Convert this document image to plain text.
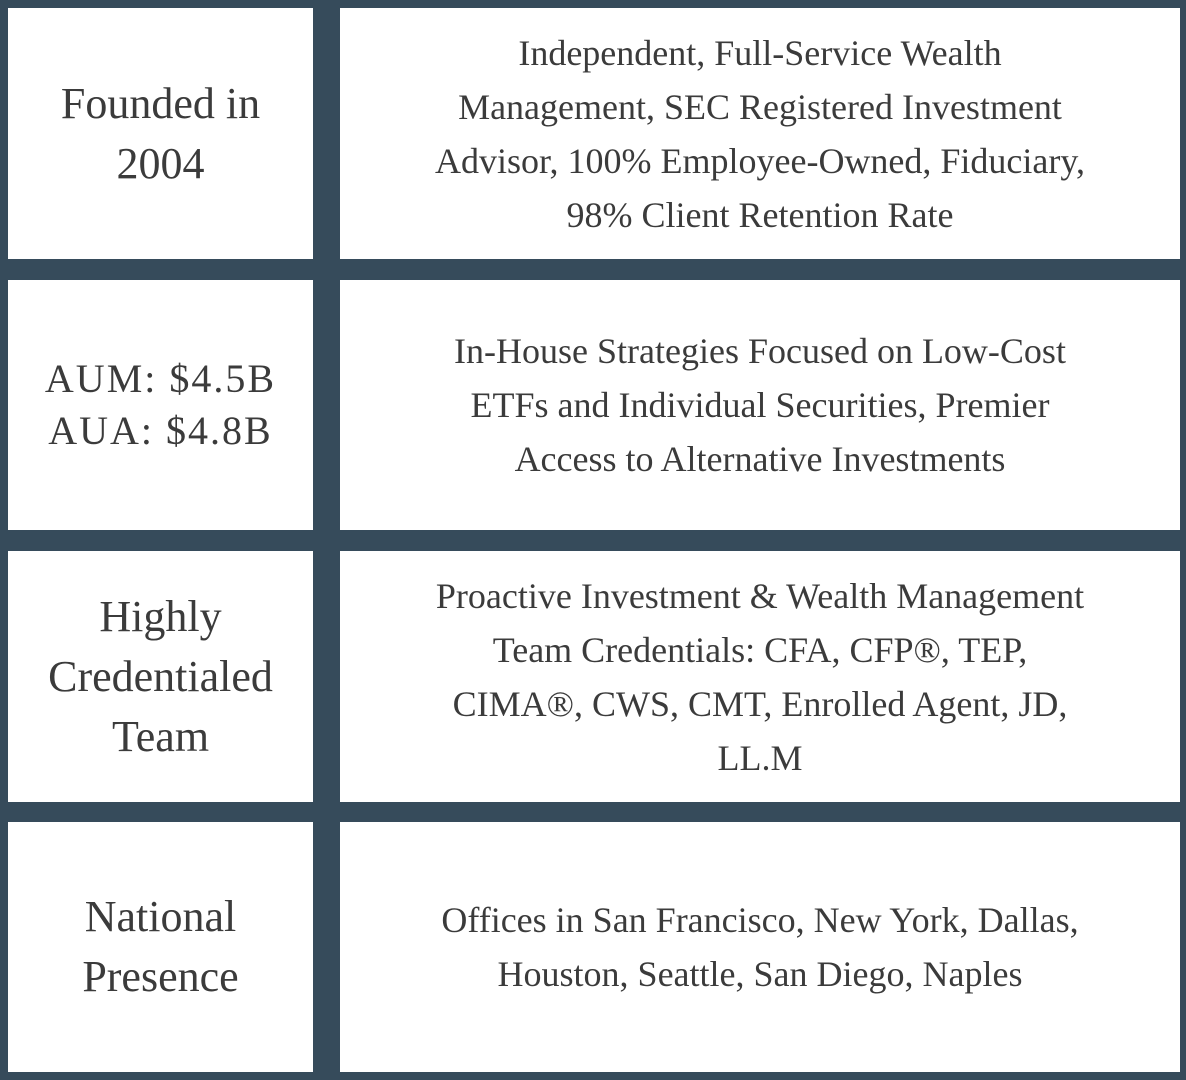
Founded in
2004
Independent, Full-Service Wealth
Management, SEC Registered Investment
Advisor, 100% Employee-Owned, Fiduciary,
98% Client Retention Rate
AUM: $4.5B
AUA: $4.8B
In-House Strategies Focused on Low-Cost
ETFs and Individual Securities, Premier
Access to Alternative Investments
Highly
Credentialed
Team
Proactive Investment & Wealth Management
Team Credentials: CFA, CFP®, TEP,
CIMA®, CWS, CMT, Enrolled Agent, JD,
LL.M
National
Presence
Offices in San Francisco, New York, Dallas,
Houston, Seattle, San Diego, Naples
